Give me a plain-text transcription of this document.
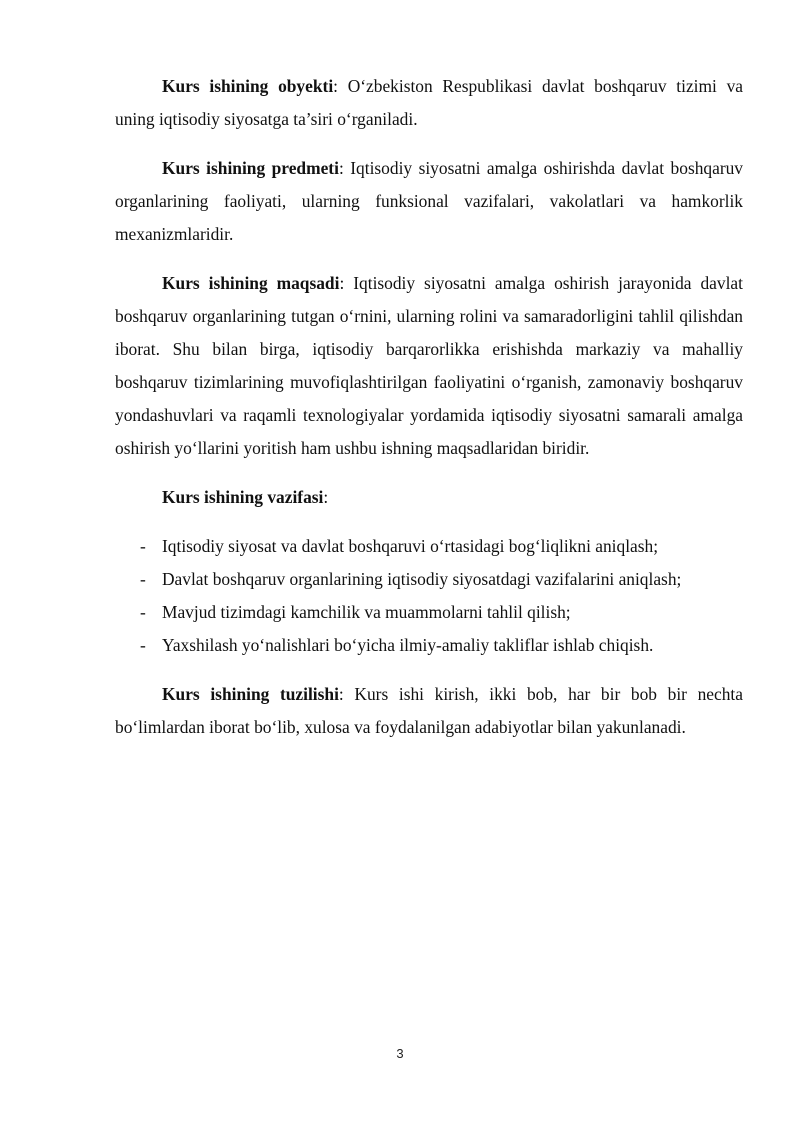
Kurs ishining obyekti: O‘zbekiston Respublikasi davlat boshqaruv tizimi va uning iqtisodiy siyosatga ta’siri o‘rganiladi.

Kurs ishining predmeti: Iqtisodiy siyosatni amalga oshirishda davlat boshqaruv organlarining faoliyati, ularning funksional vazifalari, vakolatlari va hamkorlik mexanizmlaridir.

Kurs ishining maqsadi: Iqtisodiy siyosatni amalga oshirish jarayonida davlat boshqaruv organlarining tutgan o‘rnini, ularning rolini va samaradorligini tahlil qilishdan iborat. Shu bilan birga, iqtisodiy barqarorlikka erishishda markaziy va mahalliy boshqaruv tizimlarining muvofiqlashtirilgan faoliyatini o‘rganish, zamonaviy boshqaruv yondashuvlari va raqamli texnologiyalar yordamida iqtisodiy siyosatni samarali amalga oshirish yo‘llarini yoritish ham ushbu ishning maqsadlaridan biridir.

Kurs ishining vazifasi:

- Iqtisodiy siyosat va davlat boshqaruvi o‘rtasidagi bog‘liqlikni aniqlash;
- Davlat boshqaruv organlarining iqtisodiy siyosatdagi vazifalarini aniqlash;
- Mavjud tizimdagi kamchilik va muammolarni tahlil qilish;
- Yaxshilash yo‘nalishlari bo‘yicha ilmiy-amaliy takliflar ishlab chiqish.

Kurs ishining tuzilishi: Kurs ishi kirish, ikki bob, har bir bob bir nechta bo‘limlardan iborat bo‘lib, xulosa va foydalanilgan adabiyotlar bilan yakunlanadi.

3
